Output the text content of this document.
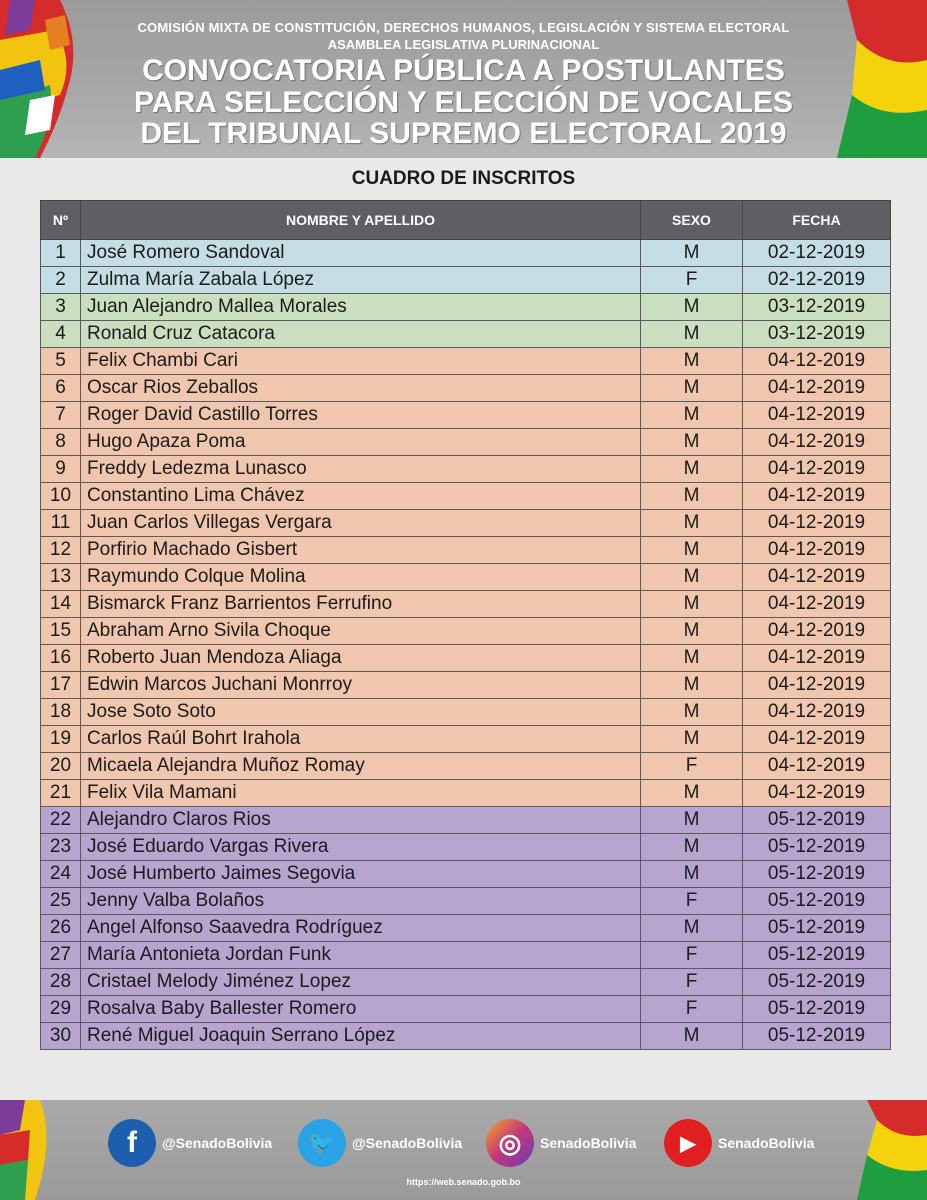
COMISIÓN MIXTA DE CONSTITUCIÓN, DERECHOS HUMANOS, LEGISLACIÓN Y SISTEMA ELECTORAL
ASAMBLEA LEGISLATIVA PLURINACIONAL
CONVOCATORIA PÚBLICA A POSTULANTES
PARA SELECCIÓN Y ELECCIÓN DE VOCALES
DEL TRIBUNAL SUPREMO ELECTORAL 2019
CUADRO DE INSCRITOS
Nº	NOMBRE Y APELLIDO	SEXO	FECHA
1	José Romero Sandoval	M	02-12-2019
2	Zulma María Zabala López	F	02-12-2019
3	Juan Alejandro Mallea Morales	M	03-12-2019
4	Ronald Cruz Catacora	M	03-12-2019
5	Felix Chambi Cari	M	04-12-2019
6	Oscar Rios Zeballos	M	04-12-2019
7	Roger David Castillo Torres	M	04-12-2019
8	Hugo Apaza Poma	M	04-12-2019
9	Freddy Ledezma Lunasco	M	04-12-2019
10	Constantino Lima Chávez	M	04-12-2019
11	Juan Carlos Villegas Vergara	M	04-12-2019
12	Porfirio Machado Gisbert	M	04-12-2019
13	Raymundo Colque Molina	M	04-12-2019
14	Bismarck Franz Barrientos Ferrufino	M	04-12-2019
15	Abraham Arno Sivila Choque	M	04-12-2019
16	Roberto Juan Mendoza Aliaga	M	04-12-2019
17	Edwin Marcos Juchani Monrroy	M	04-12-2019
18	Jose Soto Soto	M	04-12-2019
19	Carlos Raúl Bohrt Irahola	M	04-12-2019
20	Micaela Alejandra Muñoz Romay	F	04-12-2019
21	Felix Vila Mamani	M	04-12-2019
22	Alejandro Claros Rios	M	05-12-2019
23	José Eduardo Vargas Rivera	M	05-12-2019
24	José Humberto Jaimes Segovia	M	05-12-2019
25	Jenny Valba Bolaños	F	05-12-2019
26	Angel Alfonso Saavedra Rodríguez	M	05-12-2019
27	María Antonieta Jordan Funk	F	05-12-2019
28	Cristael Melody Jiménez Lopez	F	05-12-2019
29	Rosalva Baby Ballester Romero	F	05-12-2019
30	René Miguel Joaquin Serrano López	M	05-12-2019
f	@SenadoBolivia	🐦	@SenadoBolivia	◎	SenadoBolivia	▶	SenadoBolivia
https://web.senado.gob.bo
